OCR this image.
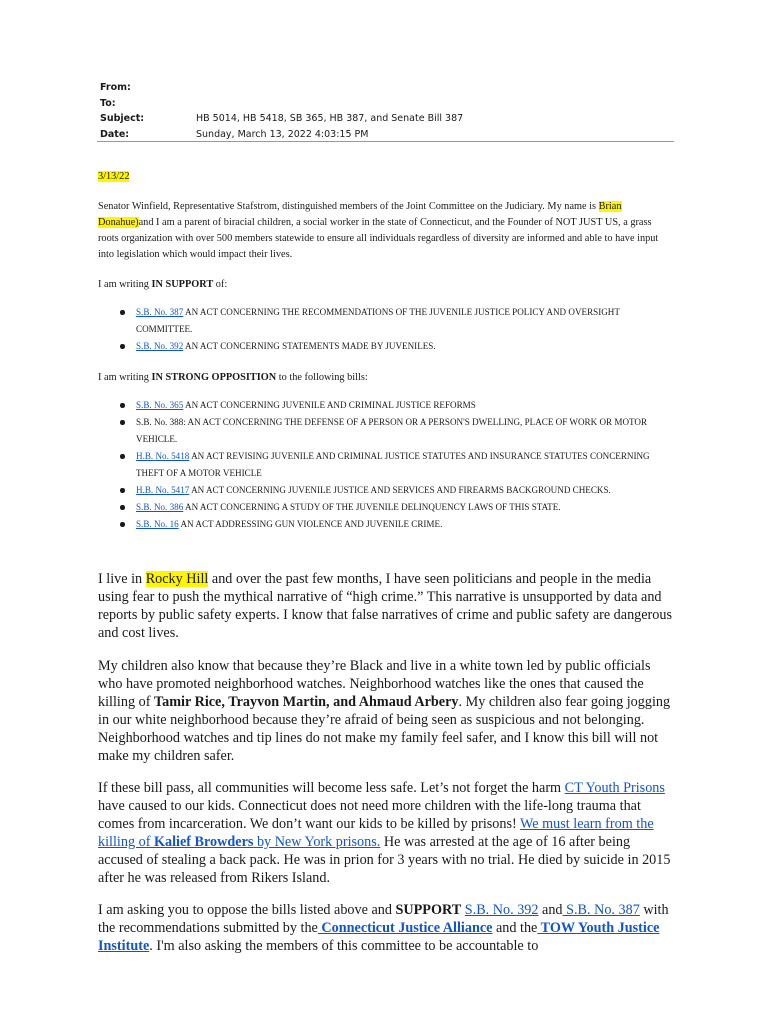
From:
To:
Subject:	HB 5014, HB 5418, SB 365, HB 387, and Senate Bill 387
Date:	Sunday, March 13, 2022 4:03:15 PM
3/13/22
Senator Winfield, Representative Stafstrom, distinguished members of the Joint Committee on the Judiciary. My name is Brian Donahue)and I am a parent of biracial children, a social worker in the state of Connecticut, and the Founder of NOT JUST US, a grass roots organization with over 500 members statewide to ensure all individuals regardless of diversity are informed and able to have input into legislation which would impact their lives.
I am writing IN SUPPORT of:
S.B. No. 387 AN ACT CONCERNING THE RECOMMENDATIONS OF THE JUVENILE JUSTICE POLICY AND OVERSIGHT COMMITTEE.
S.B. No. 392 AN ACT CONCERNING STATEMENTS MADE BY JUVENILES.
I am writing IN STRONG OPPOSITION to the following bills:
S.B. No. 365 AN ACT CONCERNING JUVENILE AND CRIMINAL JUSTICE REFORMS
S.B. No. 388: AN ACT CONCERNING THE DEFENSE OF A PERSON OR A PERSON'S DWELLING, PLACE OF WORK OR MOTOR VEHICLE.
H.B. No. 5418 AN ACT REVISING JUVENILE AND CRIMINAL JUSTICE STATUTES AND INSURANCE STATUTES CONCERNING THEFT OF A MOTOR VEHICLE
H.B. No. 5417 AN ACT CONCERNING JUVENILE JUSTICE AND SERVICES AND FIREARMS BACKGROUND CHECKS.
S.B. No. 386 AN ACT CONCERNING A STUDY OF THE JUVENILE DELINQUENCY LAWS OF THIS STATE.
S.B. No. 16 AN ACT ADDRESSING GUN VIOLENCE AND JUVENILE CRIME.
I live in Rocky Hill and over the past few months, I have seen politicians and people in the media using fear to push the mythical narrative of “high crime.” This narrative is unsupported by data and reports by public safety experts. I know that false narratives of crime and public safety are dangerous and cost lives.
My children also know that because they’re Black and live in a white town led by public officials who have promoted neighborhood watches. Neighborhood watches like the ones that caused the killing of Tamir Rice, Trayvon Martin, and Ahmaud Arbery. My children also fear going jogging in our white neighborhood because they’re afraid of being seen as suspicious and not belonging. Neighborhood watches and tip lines do not make my family feel safer, and I know this bill will not make my children safer.
If these bill pass, all communities will become less safe. Let’s not forget the harm CT Youth Prisons have caused to our kids. Connecticut does not need more children with the life-long trauma that comes from incarceration. We don’t want our kids to be killed by prisons! We must learn from the killing of Kalief Browders by New York prisons. He was arrested at the age of 16 after being accused of stealing a back pack. He was in prion for 3 years with no trial. He died by suicide in 2015 after he was released from Rikers Island.
I am asking you to oppose the bills listed above and SUPPORT S.B. No. 392 and S.B. No. 387 with the recommendations submitted by the Connecticut Justice Alliance and the TOW Youth Justice Institute. I'm also asking the members of this committee to be accountable to
